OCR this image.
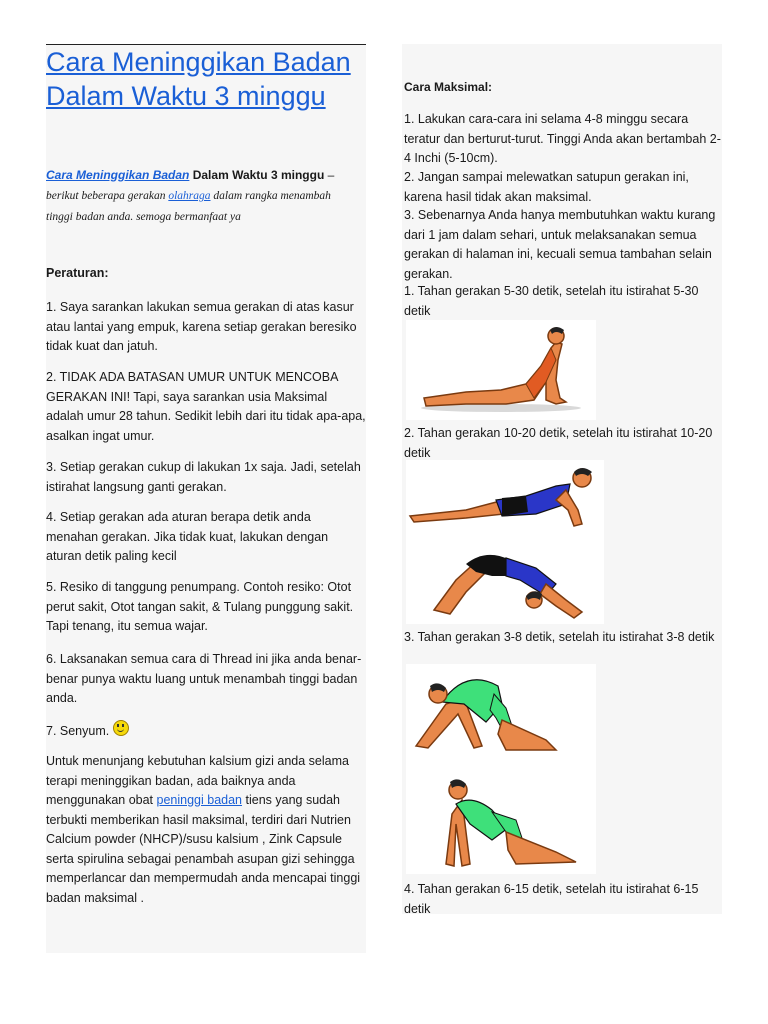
Cara Meninggikan Badan Dalam Waktu 3 minggu
Cara Meninggikan Badan Dalam Waktu 3 minggu – berikut beberapa gerakan olahraga dalam rangka menambah tinggi badan anda. semoga bermanfaat ya

Peraturan:

1. Saya sarankan lakukan semua gerakan di atas kasur atau lantai yang empuk, karena setiap gerakan beresiko tidak kuat dan jatuh.

2. TIDAK ADA BATASAN UMUR UNTUK MENCOBA GERAKAN INI! Tapi, saya sarankan usia Maksimal adalah umur 28 tahun. Sedikit lebih dari itu tidak apa-apa, asalkan ingat umur.

3. Setiap gerakan cukup di lakukan 1x saja. Jadi, setelah istirahat langsung ganti gerakan.

4. Setiap gerakan ada aturan berapa detik anda menahan gerakan. Jika tidak kuat, lakukan dengan aturan detik paling kecil

5. Resiko di tanggung penumpang. Contoh resiko: Otot perut sakit, Otot tangan sakit, & Tulang punggung sakit. Tapi tenang, itu semua wajar.

6. Laksanakan semua cara di Thread ini jika anda benar-benar punya waktu luang untuk menambah tinggi badan anda.

7. Senyum.

Untuk menunjang kebutuhan kalsium gizi anda selama terapi meninggikan badan, ada baiknya anda menggunakan obat peninggi badan tiens yang sudah terbukti memberikan hasil maksimal, terdiri dari Nutrien Calcium powder (NHCP)/susu kalsium , Zink Capsule serta spirulina sebagai penambah asupan gizi sehingga memperlancar dan mempermudah anda mencapai tinggi badan maksimal .

Cara Maksimal:

1. Lakukan cara-cara ini selama 4-8 minggu secara teratur dan berturut-turut. Tinggi Anda akan bertambah 2-4 Inchi (5-10cm).

2. Jangan sampai melewatkan satupun gerakan ini, karena hasil tidak akan maksimal.

3. Sebenarnya Anda hanya membutuhkan waktu kurang dari 1 jam dalam sehari, untuk melaksanakan semua gerakan di halaman ini, kecuali semua tambahan selain gerakan.

1. Tahan gerakan 5-30 detik, setelah itu istirahat 5-30 detik

2. Tahan gerakan 10-20 detik, setelah itu istirahat 10-20 detik

3. Tahan gerakan 3-8 detik, setelah itu istirahat 3-8 detik

4. Tahan gerakan 6-15 detik, setelah itu istirahat 6-15 detik
